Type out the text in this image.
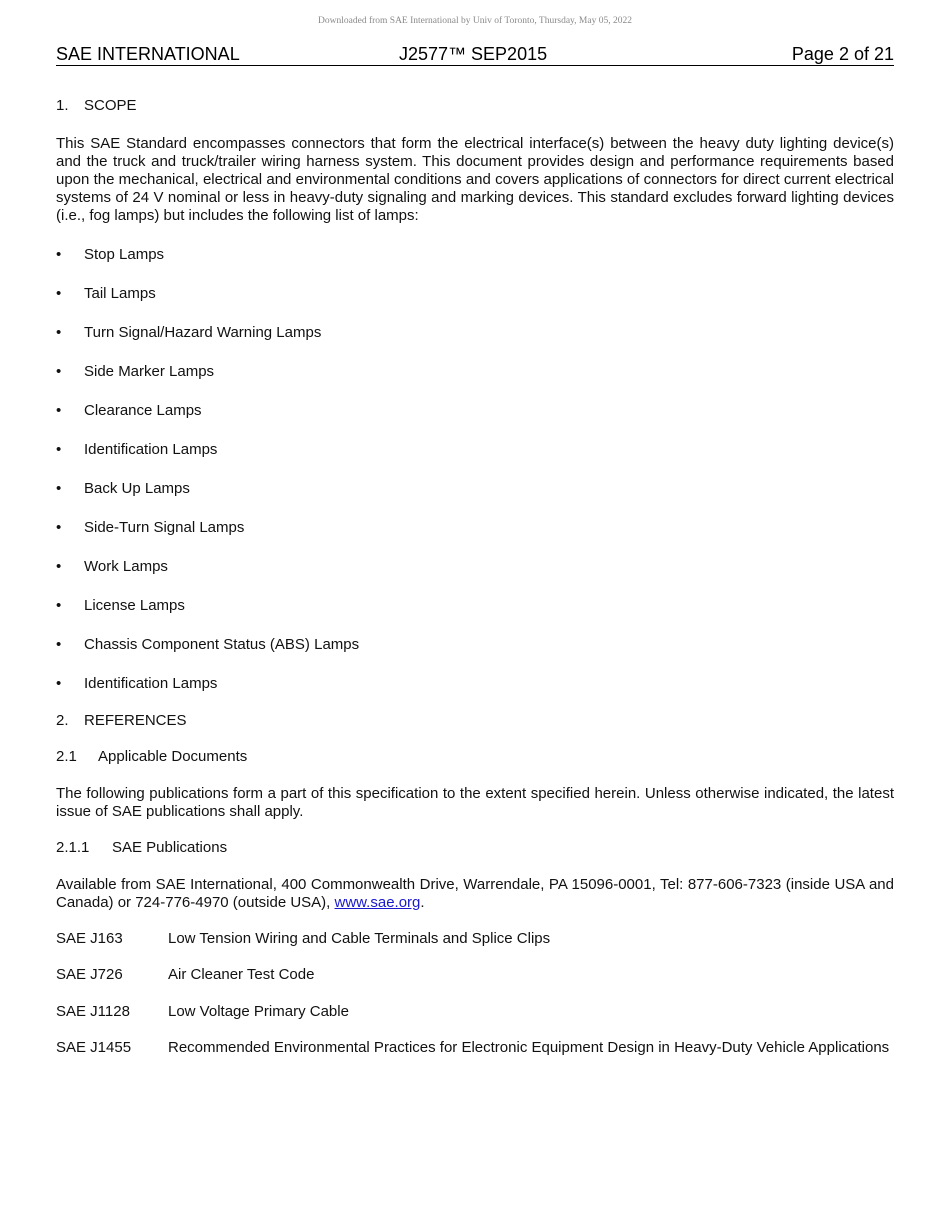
Downloaded from SAE International by Univ of Toronto, Thursday, May 05, 2022
SAE INTERNATIONAL	J2577™ SEP2015	Page 2 of 21
1.	SCOPE
This SAE Standard encompasses connectors that form the electrical interface(s) between the heavy duty lighting device(s) and the truck and truck/trailer wiring harness system. This document provides design and performance requirements based upon the mechanical, electrical and environmental conditions and covers applications of connectors for direct current electrical systems of 24 V nominal or less in heavy-duty signaling and marking devices. This standard excludes forward lighting devices (i.e., fog lamps) but includes the following list of lamps:
•	Stop Lamps
•	Tail Lamps
•	Turn Signal/Hazard Warning Lamps
•	Side Marker Lamps
•	Clearance Lamps
•	Identification Lamps
•	Back Up Lamps
•	Side-Turn Signal Lamps
•	Work Lamps
•	License Lamps
•	Chassis Component Status (ABS) Lamps
•	Identification Lamps
2.	REFERENCES
2.1	Applicable Documents
The following publications form a part of this specification to the extent specified herein. Unless otherwise indicated, the latest issue of SAE publications shall apply.
2.1.1	SAE Publications
Available from SAE International, 400 Commonwealth Drive, Warrendale, PA 15096-0001, Tel: 877-606-7323 (inside USA and Canada) or 724-776-4970 (outside USA), www.sae.org.
SAE J163	Low Tension Wiring and Cable Terminals and Splice Clips
SAE J726	Air Cleaner Test Code
SAE J1128	Low Voltage Primary Cable
SAE J1455	Recommended Environmental Practices for Electronic Equipment Design in Heavy-Duty Vehicle Applications
